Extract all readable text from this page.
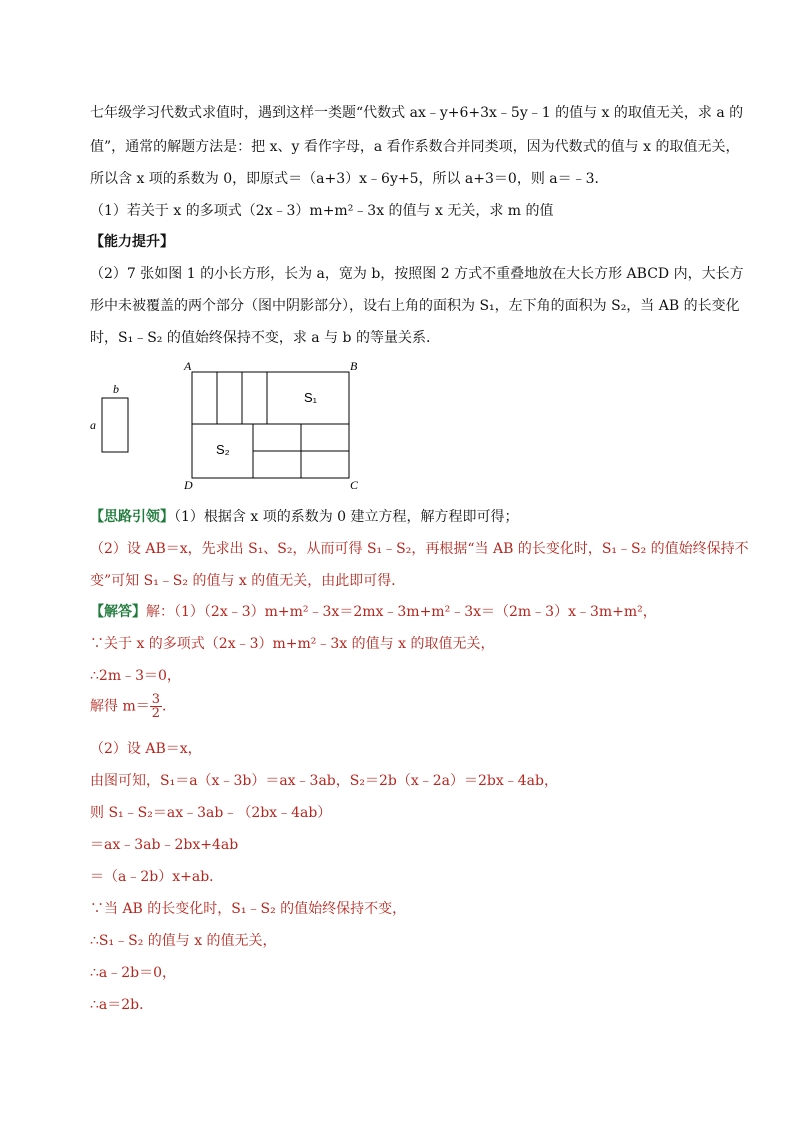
七年级学习代数式求值时，遇到这样一类题“代数式 ax﹣y+6+3x﹣5y﹣1 的值与 x 的取值无关，求 a 的
值”，通常的解题方法是：把 x、y 看作字母，a 看作系数合并同类项，因为代数式的值与 x 的取值无关，
所以含 x 项的系数为 0，即原式＝（a+3）x﹣6y+5，所以 a+3＝0，则 a＝﹣3．
（1）若关于 x 的多项式（2x﹣3）m+m²﹣3x 的值与 x 无关，求 m 的值
【能力提升】
（2）7 张如图 1 的小长方形，长为 a，宽为 b，按照图 2 方式不重叠地放在大长方形 ABCD 内，大长方
形中未被覆盖的两个部分（图中阴影部分），设右上角的面积为 S₁，左下角的面积为 S₂，当 AB 的长变化
时，S₁﹣S₂ 的值始终保持不变，求 a 与 b 的等量关系．
b
a
A	B
C
D
S₁
S₂
【思路引领】（1）根据含 x 项的系数为 0 建立方程，解方程即可得；
（2）设 AB＝x，先求出 S₁、S₂，从而可得 S₁﹣S₂，再根据“当 AB 的长变化时，S₁﹣S₂ 的值始终保持不
变”可知 S₁﹣S₂ 的值与 x 的值无关，由此即可得．
【解答】解：（1）（2x﹣3）m+m²﹣3x＝2mx﹣3m+m²﹣3x＝（2m﹣3）x﹣3m+m²，
∵关于 x 的多项式（2x﹣3）m+m²﹣3x 的值与 x 的取值无关，
∴2m﹣3＝0，
解得 $m= \frac{3}{2}$ ．
（2）设 AB＝x，
由图可知，S₁＝a（x﹣3b）＝ax﹣3ab，S₂＝2b（x﹣2a）＝2bx﹣4ab，
则 S₁﹣S₂＝ax﹣3ab﹣（2bx﹣4ab）
＝ax﹣3ab﹣2bx+4ab
＝（a﹣2b）x+ab．
∵当 AB 的长变化时，S₁﹣S₂ 的值始终保持不变，
∴S₁﹣S₂ 的值与 x 的值无关，
∴a﹣2b＝0，
∴a＝2b．
